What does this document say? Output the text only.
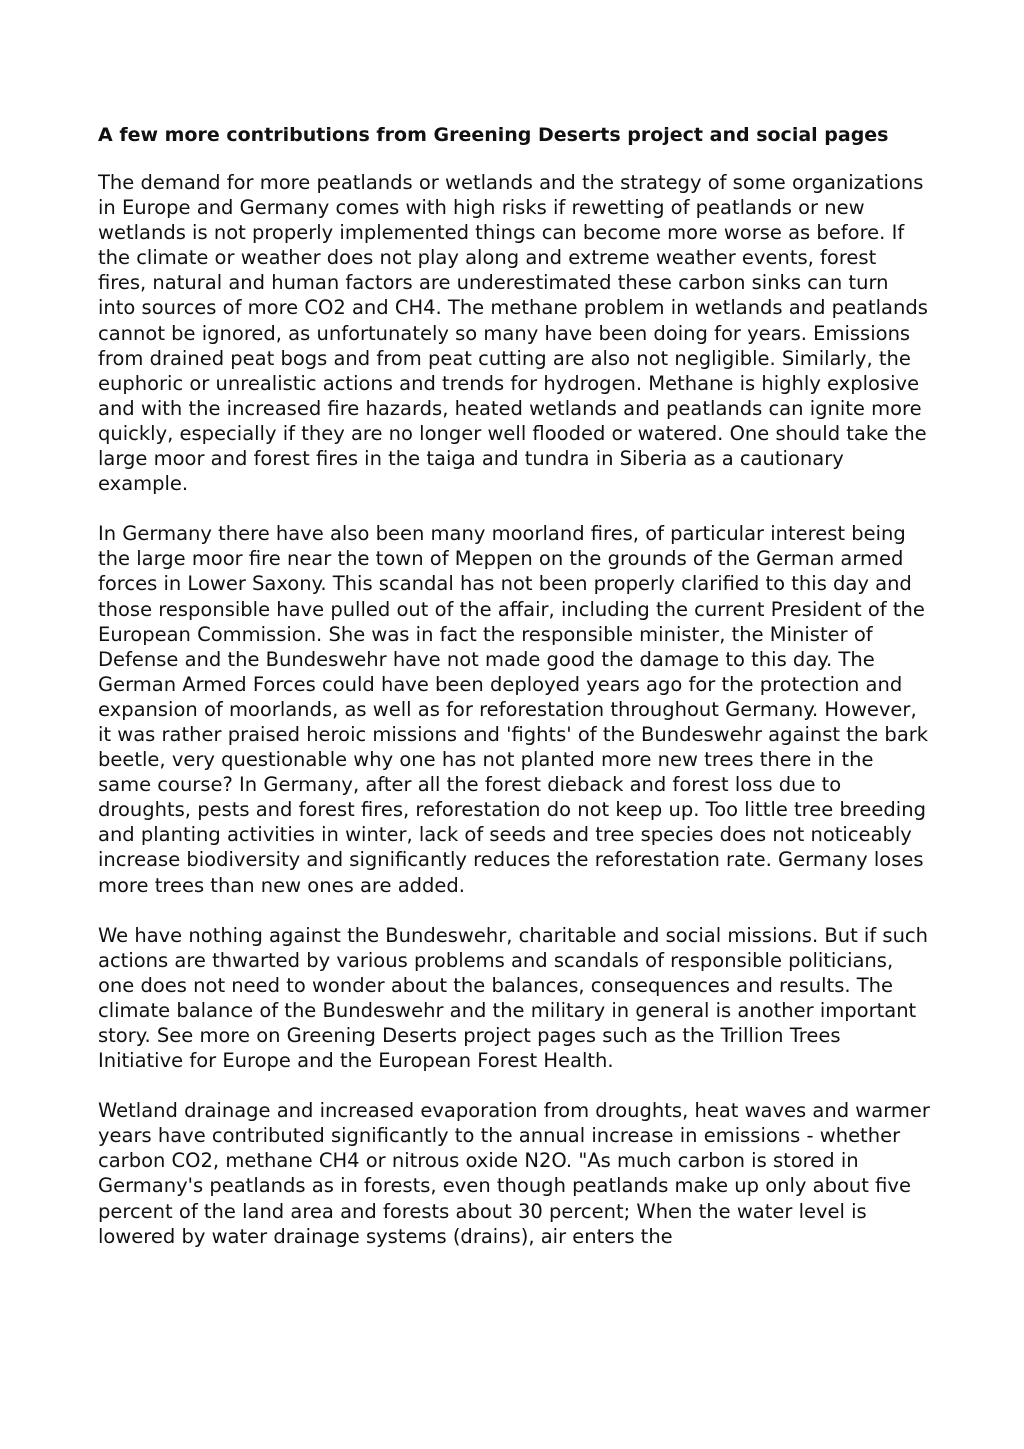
A few more contributions from Greening Deserts project and social pages

The demand for more peatlands or wetlands and the strategy of some organizations in Europe and Germany comes with high risks if rewetting of peatlands or new wetlands is not properly implemented things can become more worse as before. If the climate or weather does not play along and extreme weather events, forest fires, natural and human factors are underestimated these carbon sinks can turn into sources of more CO2 and CH4. The methane problem in wetlands and peatlands cannot be ignored, as unfortunately so many have been doing for years. Emissions from drained peat bogs and from peat cutting are also not negligible. Similarly, the euphoric or unrealistic actions and trends for hydrogen. Methane is highly explosive and with the increased fire hazards, heated wetlands and peatlands can ignite more quickly, especially if they are no longer well flooded or watered. One should take the large moor and forest fires in the taiga and tundra in Siberia as a cautionary example.

In Germany there have also been many moorland fires, of particular interest being the large moor fire near the town of Meppen on the grounds of the German armed forces in Lower Saxony. This scandal has not been properly clarified to this day and those responsible have pulled out of the affair, including the current President of the European Commission. She was in fact the responsible minister, the Minister of Defense and the Bundeswehr have not made good the damage to this day. The German Armed Forces could have been deployed years ago for the protection and expansion of moorlands, as well as for reforestation throughout Germany. However, it was rather praised heroic missions and 'fights' of the Bundeswehr against the bark beetle, very questionable why one has not planted more new trees there in the same course? In Germany, after all the forest dieback and forest loss due to droughts, pests and forest fires, reforestation do not keep up. Too little tree breeding and planting activities in winter, lack of seeds and tree species does not noticeably increase biodiversity and significantly reduces the reforestation rate. Germany loses more trees than new ones are added.

We have nothing against the Bundeswehr, charitable and social missions. But if such actions are thwarted by various problems and scandals of responsible politicians, one does not need to wonder about the balances, consequences and results. The climate balance of the Bundeswehr and the military in general is another important story. See more on Greening Deserts project pages such as the Trillion Trees Initiative for Europe and the European Forest Health.

Wetland drainage and increased evaporation from droughts, heat waves and warmer years have contributed significantly to the annual increase in emissions - whether carbon CO2, methane CH4 or nitrous oxide N2O. "As much carbon is stored in Germany's peatlands as in forests, even though peatlands make up only about five percent of the land area and forests about 30 percent; When the water level is lowered by water drainage systems (drains), air enters the
